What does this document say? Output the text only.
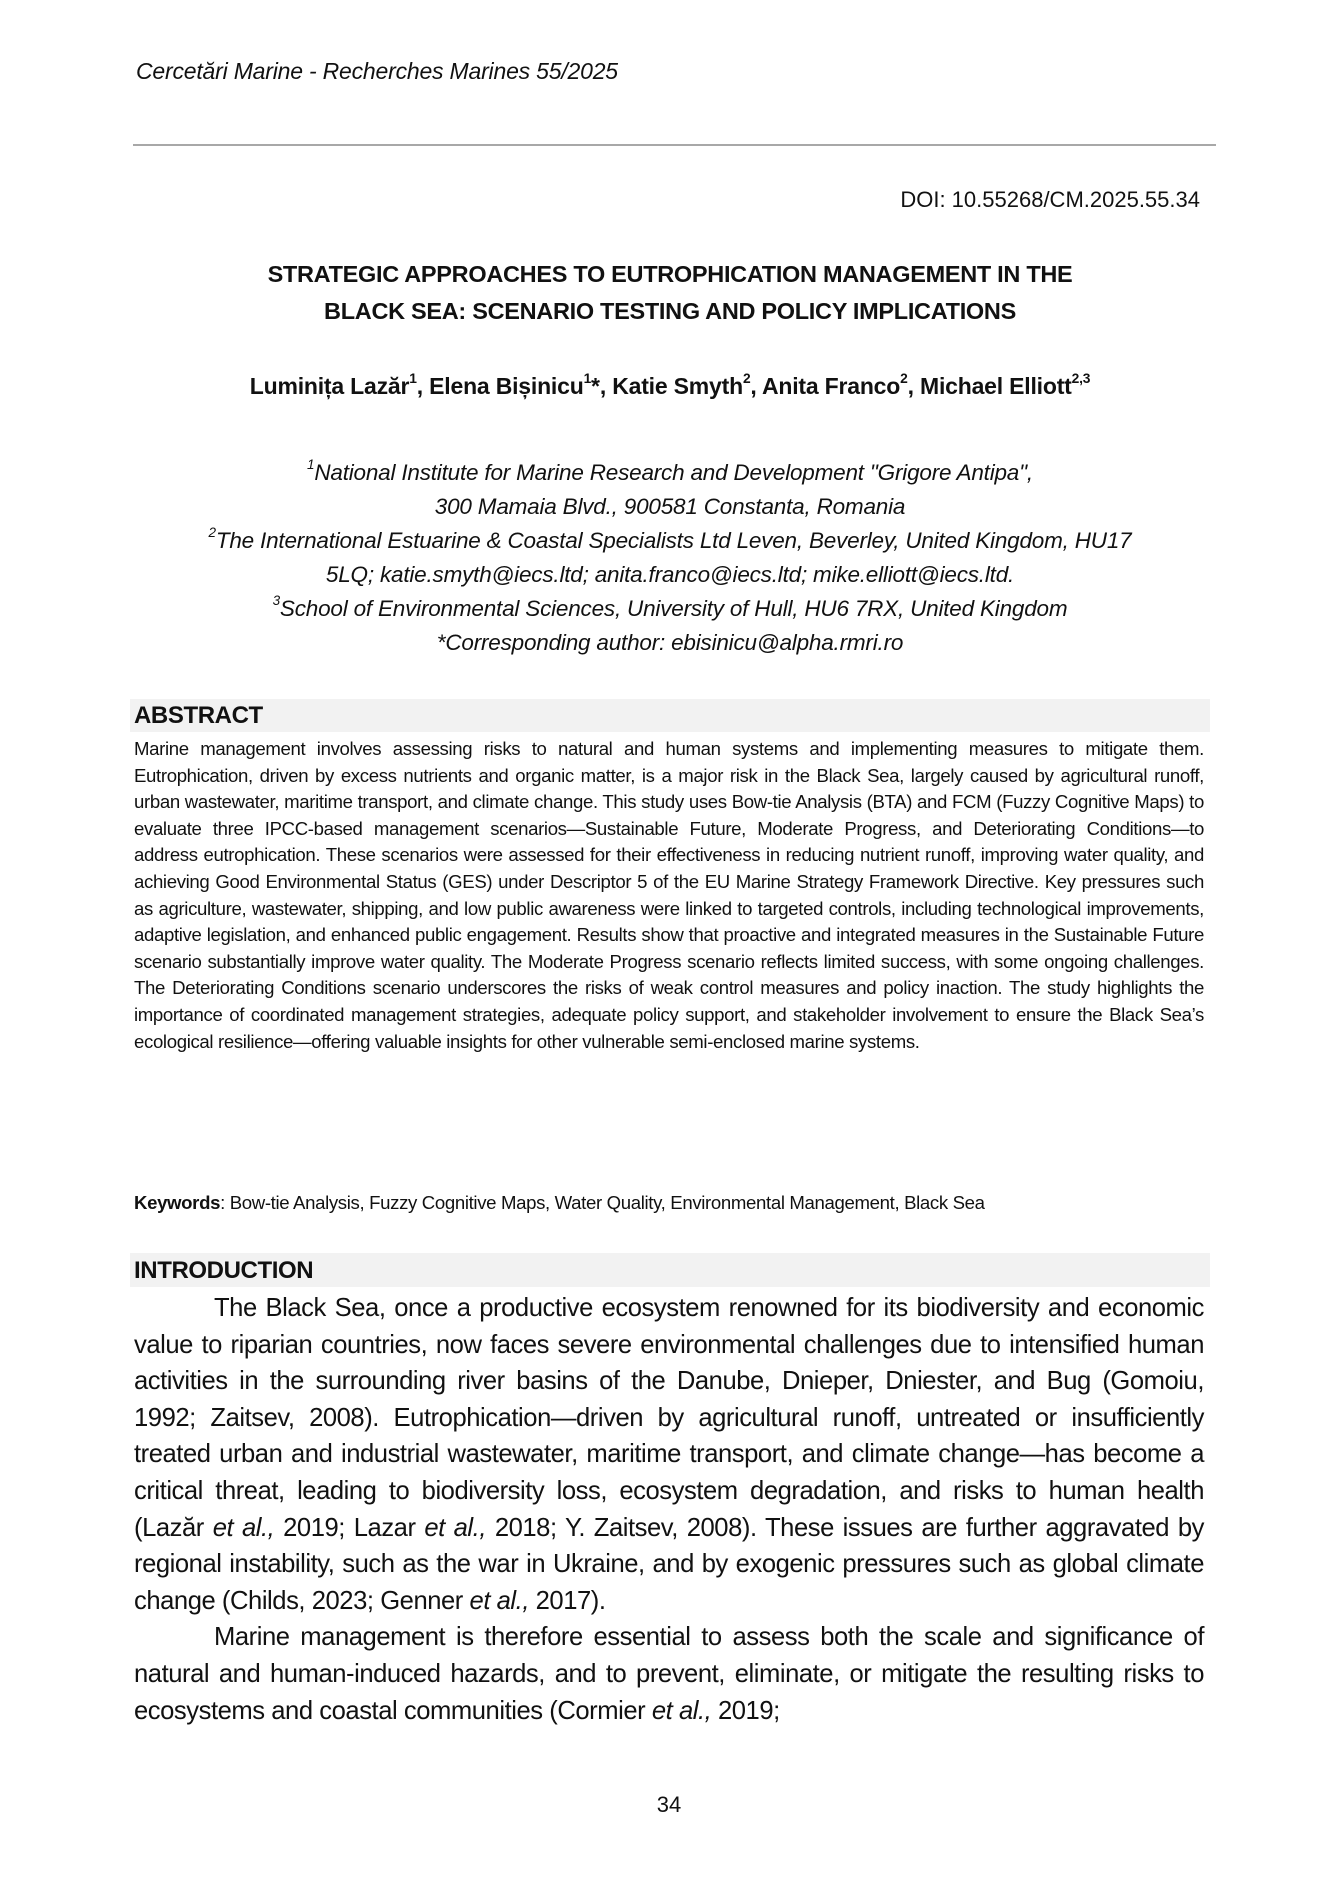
Cercetări Marine - Recherches Marines 55/2025
DOI: 10.55268/CM.2025.55.34
STRATEGIC APPROACHES TO EUTROPHICATION MANAGEMENT IN THE
BLACK SEA: SCENARIO TESTING AND POLICY IMPLICATIONS
Luminița Lazăr$^1$, Elena Bișinicu$^1$*, Katie Smyth$^2$, Anita Franco$^2$, Michael Elliott$^{2,3}$
$^1$National Institute for Marine Research and Development "Grigore Antipa",
300 Mamaia Blvd., 900581 Constanta, Romania
$^2$The International Estuarine & Coastal Specialists Ltd Leven, Beverley, United Kingdom, HU17
5LQ; katie.smyth@iecs.ltd; anita.franco@iecs.ltd; mike.elliott@iecs.ltd.
$^3$School of Environmental Sciences, University of Hull, HU6 7RX, United Kingdom
*Corresponding author: ebisinicu@alpha.rmri.ro
ABSTRACT
Marine management involves assessing risks to natural and human systems and implementing measures to mitigate them. Eutrophication, driven by excess nutrients and organic matter, is a major risk in the Black Sea, largely caused by agricultural runoff, urban wastewater, maritime transport, and climate change. This study uses Bow-tie Analysis (BTA) and FCM (Fuzzy Cognitive Maps) to evaluate three IPCC-based management scenarios—Sustainable Future, Moderate Progress, and Deteriorating Conditions—to address eutrophication. These scenarios were assessed for their effectiveness in reducing nutrient runoff, improving water quality, and achieving Good Environmental Status (GES) under Descriptor 5 of the EU Marine Strategy Framework Directive. Key pressures such as agriculture, wastewater, shipping, and low public awareness were linked to targeted controls, including technological improvements, adaptive legislation, and enhanced public engagement. Results show that proactive and integrated measures in the Sustainable Future scenario substantially improve water quality. The Moderate Progress scenario reflects limited success, with some ongoing challenges. The Deteriorating Conditions scenario underscores the risks of weak control measures and policy inaction. The study highlights the importance of coordinated management strategies, adequate policy support, and stakeholder involvement to ensure the Black Sea’s ecological resilience—offering valuable insights for other vulnerable semi-enclosed marine systems.
Keywords: Bow-tie Analysis, Fuzzy Cognitive Maps, Water Quality, Environmental Management, Black Sea
INTRODUCTION

The Black Sea, once a productive ecosystem renowned for its biodiversity and economic value to riparian countries, now faces severe environmental challenges due to intensified human activities in the surrounding river basins of the Danube, Dnieper, Dniester, and Bug (Gomoiu, 1992; Zaitsev, 2008). Eutrophication—driven by agricultural runoff, untreated or insufficiently treated urban and industrial wastewater, maritime transport, and climate change—has become a critical threat, leading to biodiversity loss, ecosystem degradation, and risks to human health (Lazăr et al., 2019; Lazar et al., 2018; Y. Zaitsev, 2008). These issues are further aggravated by regional instability, such as the war in Ukraine, and by exogenic pressures such as global climate change (Childs, 2023; Genner et al., 2017).

Marine management is therefore essential to assess both the scale and significance of natural and human-induced hazards, and to prevent, eliminate, or mitigate the resulting risks to ecosystems and coastal communities (Cormier et al., 2019;

34
